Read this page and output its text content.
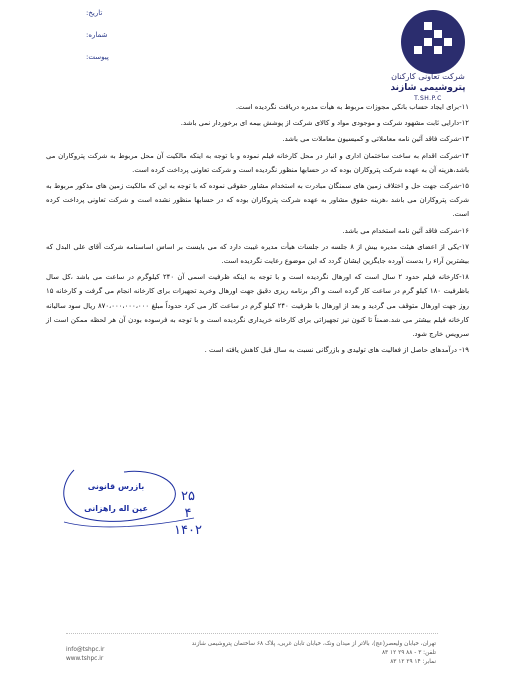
تاریخ:
شماره:
پیوست:
شرکت تعاونی کارکنان
پتروشیمی شازند
T.SH.P.C

۱۱-برای ایجاد حساب بانکی مجوزات مربوط به هیأت مدیره دریافت نگردیده است.

۱۲-دارایی ثابت مشهود شرکت و موجودی مواد و کالای شرکت از پوشش بیمه ای برخوردار نمی باشد.

۱۳-شرکت فاقد آئین نامه معاملاتی و کمیسیون معاملات می باشد.

۱۴-شرکت اقدام به ساخت ساختمان اداری و انبار در محل کارخانه فیلم نموده و با توجه به اینکه مالکیت آن محل مربوط به شرکت پتروکاران می باشد،هزینه آن به عهده شرکت پتروکاران بوده که در حسابها منظور نگردیده است و شرکت تعاونی پرداخت کرده است.

۱۵-شرکت جهت حل و اختلاف زمین های سمنگان مبادرت به استخدام مشاور حقوقی نموده که با توجه به این که مالکیت زمین های مذکور مربوط به شرکت پتروکاران می باشد ،هزینه حقوق مشاور به عهده شرکت پتروکاران بوده که در حسابها منظور نشده است و شرکت تعاونی پرداخت کرده است.

۱۶-شرکت فاقد آئین نامه استخدام می باشد.

۱۷-یکی از اعضای هیئت مدیره بیش از ۸ جلسه در جلسات هیأت مدیره غیبت دارد که می بایست بر اساس اساسنامه شرکت آقای علی البدل که بیشترین آراء را بدست آورده جایگزین ایشان گردد که این موضوع رعایت نگردیده است.

۱۸-کارخانه فیلم حدود ۲ سال است که اورهال نگردیده است و با توجه به اینکه ظرفیت اسمی آن ۲۴۰ کیلوگرم در ساعت می باشد ،کل سال باظرفیت ۱۸۰ کیلو گرم در ساعت کار گرده است و اگر برنامه ریزی دقیق جهت اورهال وخرید تجهیزات برای کارخانه انجام می گرفت و کارخانه ۱۵ روز جهت اورهال متوقف می گردید و بعد از اورهال با ظرفیت ۲۴۰ کیلو گرم در ساعت کار می کرد حدوداً مبلغ ۸۷۰،۰۰۰،۰۰۰،۰۰۰ ریال سود سالیانه کارخانه فیلم بیشتر می شد.ضمناً تا کنون نیز تجهیزاتی برای کارخانه خریداری نگردیده است و با توجه به فرسوده بودن آن هر لحظه ممکن است از سرویس خارج شود.

۱۹- درآمدهای حاصل از فعالیت های تولیدی و بازرگانی نسبت به سال قبل کاهش یافته است .

بازرس قانونی
عین اله راهزانی
۲۵
۴
۱۴۰۲
تهران، خیابان ولیعصر(عج)، بالاتر از میدان ونک، خیابان تابان غربی، پلاک ۶۸ ساختمان پتروشیمی شازند
تلفن: ۳ - ۸۸ ۲۹ ۱۲ ۸۳
نمابر: ۱۴ ۲۹ ۱۲ ۸۳
info@tshpc.ir
www.tshpc.ir
